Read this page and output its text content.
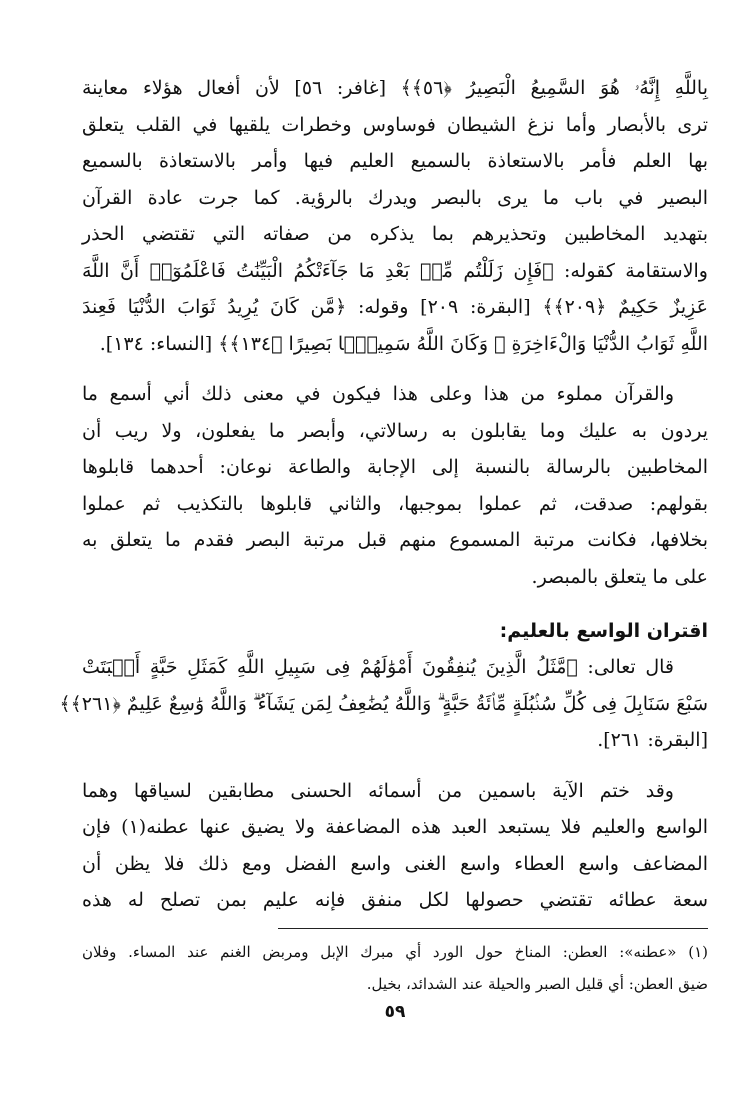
بِاللَّهِ إِنَّهُۥ هُوَ السَّمِيعُ الْبَصِيرُ ﴿٥٦﴾﴾ [غافر: ٥٦] لأن أفعال هؤلاء معاينة
ترى بالأبصار وأما نزغ الشيطان فوساوس وخطرات يلقيها في القلب يتعلق
بها العلم فأمر بالاستعاذة بالسميع العليم فيها وأمر بالاستعاذة بالسميع
البصير في باب ما يرى بالبصر ويدرك بالرؤية. كما جرت عادة القرآن
بتهديد المخاطبين وتحذيرهم بما يذكره من صفاته التي تقتضي الحذر
والاستقامة كقوله: ﴿فَإِن زَلَلْتُم مِّنۢ بَعْدِ مَا جَآءَتْكُمُ الْبَيِّنَٰتُ فَاعْلَمُوٓا۟ أَنَّ اللَّهَ
عَزِيزٌ حَكِيمٌ ﴿٢٠٩﴾﴾ [البقرة: ٢٠٩] وقوله: ﴿مَّن كَانَ يُرِيدُ ثَوَابَ الدُّنْيَا فَعِندَ
اللَّهِ ثَوَابُ الدُّنْيَا وَالْءَاخِرَةِ ۚ وَكَانَ اللَّهُ سَمِيعًۢا بَصِيرًا ﴿١٣٤﴾﴾ [النساء: ١٣٤].
والقرآن مملوء من هذا وعلى هذا فيكون في معنى ذلك أني أسمع ما
يردون به عليك وما يقابلون به رسالاتي، وأبصر ما يفعلون، ولا ريب أن
المخاطبين بالرسالة بالنسبة إلى الإجابة والطاعة نوعان: أحدهما قابلوها
بقولهم: صدقت، ثم عملوا بموجبها، والثاني قابلوها بالتكذيب ثم عملوا
بخلافها، فكانت مرتبة المسموع منهم قبل مرتبة البصر فقدم ما يتعلق به
على ما يتعلق بالمبصر.
اقتران الواسع بالعليم:
قال تعالى: ﴿مَّثَلُ الَّذِينَ يُنفِقُونَ أَمْوَٰلَهُمْ فِى سَبِيلِ اللَّهِ كَمَثَلِ حَبَّةٍ أَنۢبَتَتْ
سَبْعَ سَنَابِلَ فِى كُلِّ سُنۢبُلَةٍ مِّا۟ئَةُ حَبَّةٍ ۗ وَاللَّهُ يُضَٰعِفُ لِمَن يَشَآءُ ۗ وَاللَّهُ وَٰسِعٌ عَلِيمٌ ﴿٢٦١﴾﴾
[البقرة: ٢٦١].
وقد ختم الآية باسمين من أسمائه الحسنى مطابقين لسياقها وهما
الواسع والعليم فلا يستبعد العبد هذه المضاعفة ولا يضيق عنها عطنه(١) فإن
المضاعف واسع العطاء واسع الغنى واسع الفضل ومع ذلك فلا يظن أن
سعة عطائه تقتضي حصولها لكل منفق فإنه عليم بمن تصلح له هذه
(١) «عطنه»: العطن: المناخ حول الورد أي مبرك الإبل ومربض الغنم عند المساء. وفلان
ضيق العطن: أي قليل الصبر والحيلة عند الشدائد، بخيل.
٥٩
